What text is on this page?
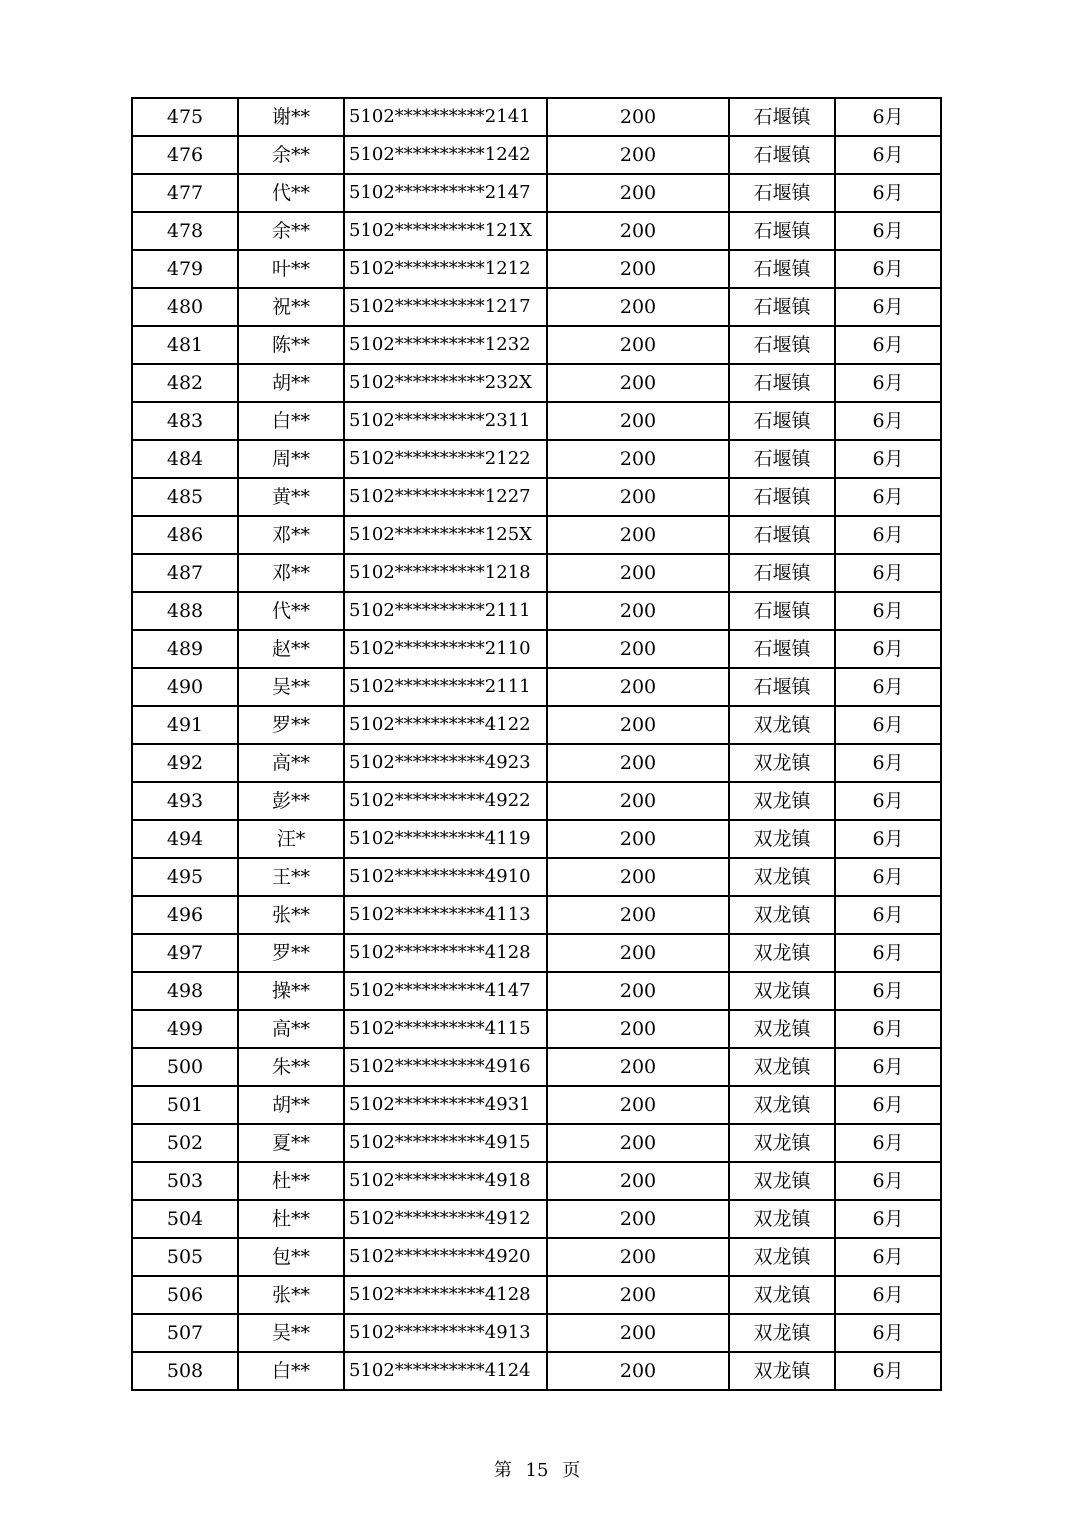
475	谢**	5102**********2141	200	石堰镇	6月
476	余**	5102**********1242	200	石堰镇	6月
477	代**	5102**********2147	200	石堰镇	6月
478	余**	5102**********121X	200	石堰镇	6月
479	叶**	5102**********1212	200	石堰镇	6月
480	祝**	5102**********1217	200	石堰镇	6月
481	陈**	5102**********1232	200	石堰镇	6月
482	胡**	5102**********232X	200	石堰镇	6月
483	白**	5102**********2311	200	石堰镇	6月
484	周**	5102**********2122	200	石堰镇	6月
485	黄**	5102**********1227	200	石堰镇	6月
486	邓**	5102**********125X	200	石堰镇	6月
487	邓**	5102**********1218	200	石堰镇	6月
488	代**	5102**********2111	200	石堰镇	6月
489	赵**	5102**********2110	200	石堰镇	6月
490	吴**	5102**********2111	200	石堰镇	6月
491	罗**	5102**********4122	200	双龙镇	6月
492	高**	5102**********4923	200	双龙镇	6月
493	彭**	5102**********4922	200	双龙镇	6月
494	汪*	5102**********4119	200	双龙镇	6月
495	王**	5102**********4910	200	双龙镇	6月
496	张**	5102**********4113	200	双龙镇	6月
497	罗**	5102**********4128	200	双龙镇	6月
498	操**	5102**********4147	200	双龙镇	6月
499	高**	5102**********4115	200	双龙镇	6月
500	朱**	5102**********4916	200	双龙镇	6月
501	胡**	5102**********4931	200	双龙镇	6月
502	夏**	5102**********4915	200	双龙镇	6月
503	杜**	5102**********4918	200	双龙镇	6月
504	杜**	5102**********4912	200	双龙镇	6月
505	包**	5102**********4920	200	双龙镇	6月
506	张**	5102**********4128	200	双龙镇	6月
507	吴**	5102**********4913	200	双龙镇	6月
508	白**	5102**********4124	200	双龙镇	6月
第 15 页
